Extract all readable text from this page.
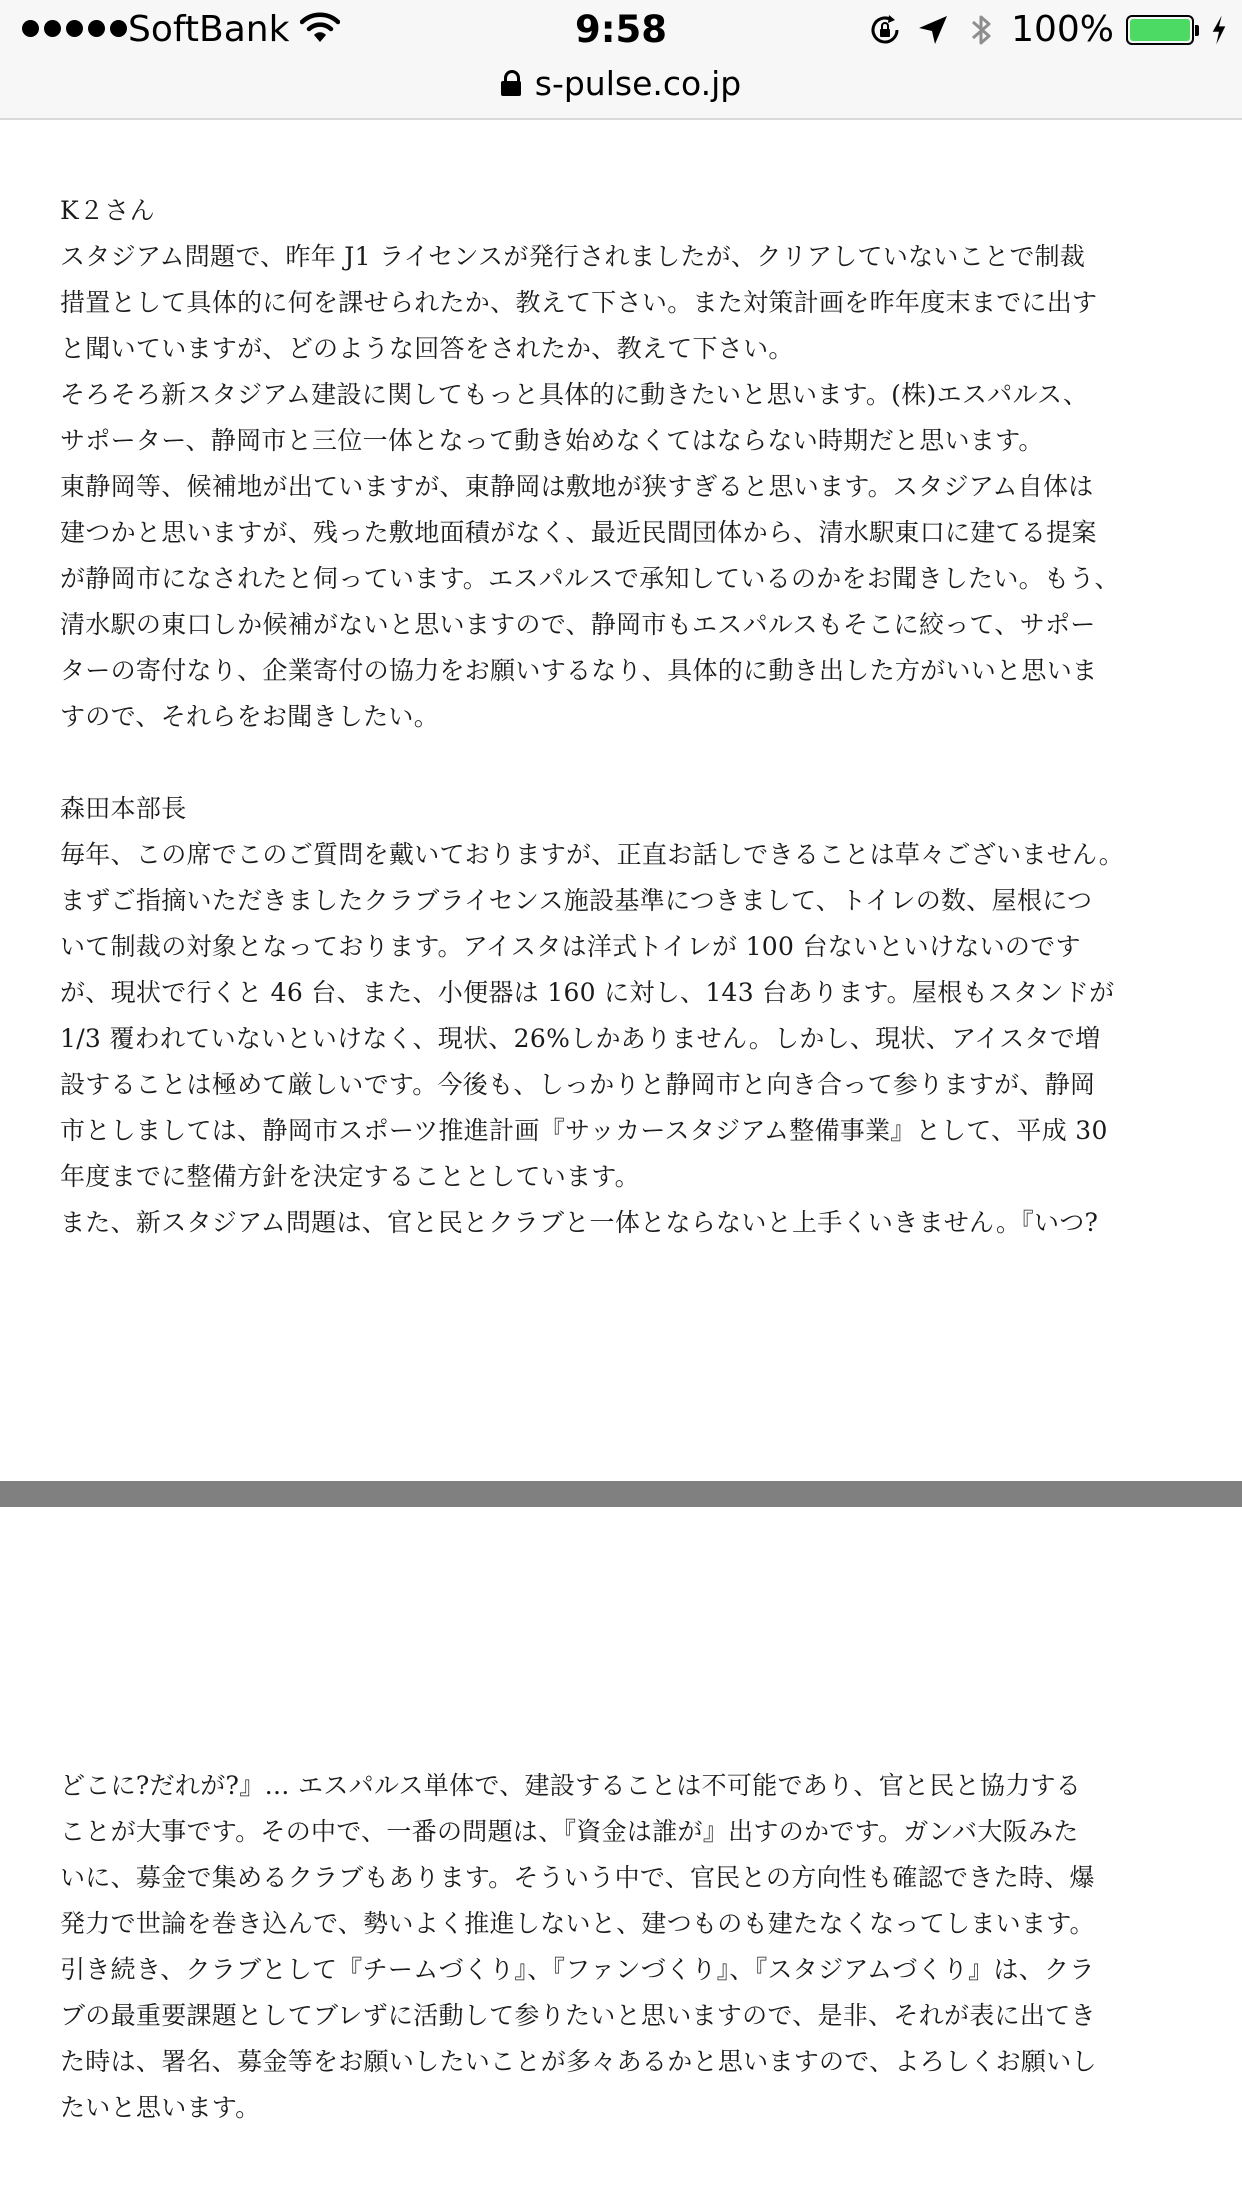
SoftBank	9:58	100%
s-pulse.co.jp

K２さん

スタジアム問題で、昨年 J1 ライセンスが発行されましたが、クリアしていないことで制裁
措置として具体的に何を課せられたか、教えて下さい。また対策計画を昨年度末までに出す
と聞いていますが、どのような回答をされたか、教えて下さい。

そろそろ新スタジアム建設に関してもっと具体的に動きたいと思います。(株)エスパルス、
サポーター、静岡市と三位一体となって動き始めなくてはならない時期だと思います。

東静岡等、候補地が出ていますが、東静岡は敷地が狭すぎると思います。スタジアム自体は
建つかと思いますが、残った敷地面積がなく、最近民間団体から、清水駅東口に建てる提案
が静岡市になされたと伺っています。エスパルスで承知しているのかをお聞きしたい。もう、
清水駅の東口しか候補がないと思いますので、静岡市もエスパルスもそこに絞って、サポー
ターの寄付なり、企業寄付の協力をお願いするなり、具体的に動き出した方がいいと思いま
すので、それらをお聞きしたい。

森田本部長

毎年、この席でこのご質問を戴いておりますが、正直お話しできることは草々ございません。
まずご指摘いただきましたクラブライセンス施設基準につきまして、トイレの数、屋根につ
いて制裁の対象となっております。アイスタは洋式トイレが 100 台ないといけないのです
が、現状で行くと 46 台、また、小便器は 160 に対し、143 台あります。屋根もスタンドが
1/3 覆われていないといけなく、現状、26%しかありません。しかし、現状、アイスタで増
設することは極めて厳しいです。今後も、しっかりと静岡市と向き合って参りますが、静岡
市としましては、静岡市スポーツ推進計画『サッカースタジアム整備事業』として、平成 30
年度までに整備方針を決定することとしています。

また、新スタジアム問題は、官と民とクラブと一体とならないと上手くいきません。『いつ?

どこに?だれが?』… エスパルス単体で、建設することは不可能であり、官と民と協力する
ことが大事です。その中で、一番の問題は、『資金は誰が』出すのかです。ガンバ大阪みた
いに、募金で集めるクラブもあります。そういう中で、官民との方向性も確認できた時、爆
発力で世論を巻き込んで、勢いよく推進しないと、建つものも建たなくなってしまいます。

引き続き、クラブとして『チームづくり』、『ファンづくり』、『スタジアムづくり』は、クラ
ブの最重要課題としてブレずに活動して参りたいと思いますので、是非、それが表に出てき
た時は、署名、募金等をお願いしたいことが多々あるかと思いますので、よろしくお願いし
たいと思います。
